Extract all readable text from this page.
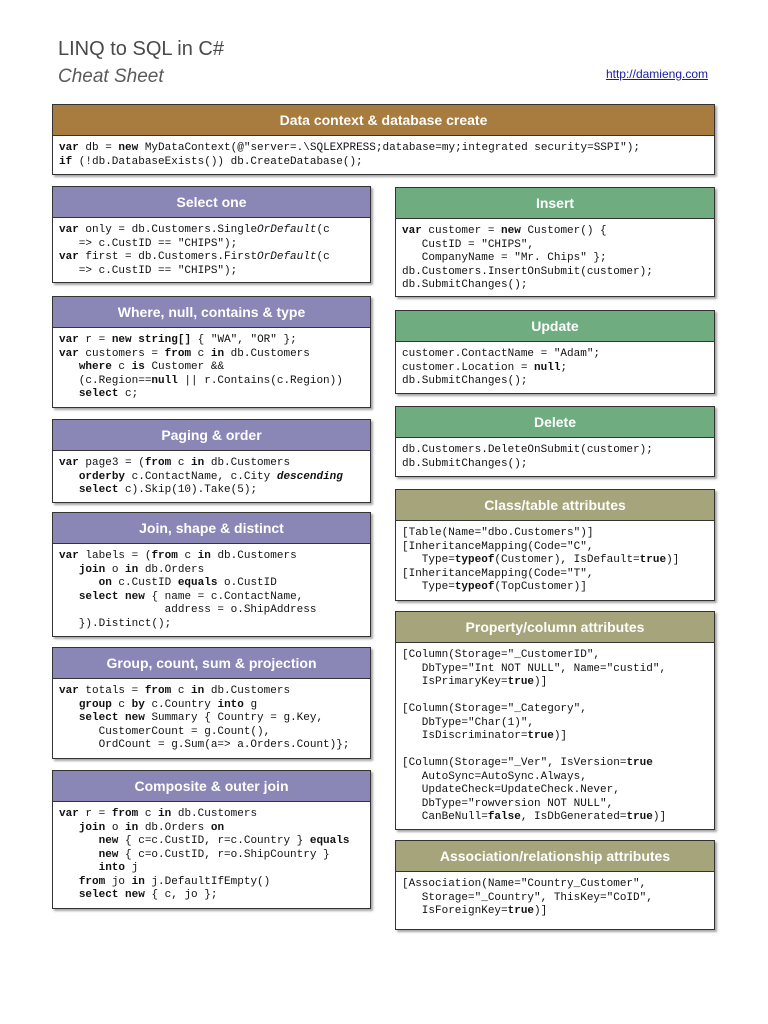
LINQ to SQL in C#
Cheat Sheet	http://damieng.com
Data context & database create
var db = new MyDataContext(@"server=.\SQLEXPRESS;database=my;integrated security=SSPI");
if (!db.DatabaseExists()) db.CreateDatabase();
Select one
var only = db.Customers.SingleOrDefault(c
=> c.CustID == "CHIPS");
var first = db.Customers.FirstOrDefault(c
=> c.CustID == "CHIPS");
Where, null, contains & type
var r = new string[] { "WA", "OR" };
var customers = from c in db.Customers
where c is Customer &&
(c.Region==null || r.Contains(c.Region))
select c;
Paging & order
var page3 = (from c in db.Customers
orderby c.ContactName, c.City descending
select c).Skip(10).Take(5);
Join, shape & distinct
var labels = (from c in db.Customers
join o in db.Orders
on c.CustID equals o.CustID
select new { name = c.ContactName,
address = o.ShipAddress
}).Distinct();
Group, count, sum & projection
var totals = from c in db.Customers
group c by c.Country into g
select new Summary { Country = g.Key,
CustomerCount = g.Count(),
OrdCount = g.Sum(a=> a.Orders.Count)};
Composite & outer join
var r = from c in db.Customers
join o in db.Orders on
new { c=c.CustID, r=c.Country } equals
new { c=o.CustID, r=o.ShipCountry }
into j
from jo in j.DefaultIfEmpty()
select new { c, jo };
Insert
var customer = new Customer() {
CustID = "CHIPS",
CompanyName = "Mr. Chips" };
db.Customers.InsertOnSubmit(customer);
db.SubmitChanges();
Update
customer.ContactName = "Adam";
customer.Location = null;
db.SubmitChanges();
Delete
db.Customers.DeleteOnSubmit(customer);
db.SubmitChanges();
Class/table attributes
[Table(Name="dbo.Customers")]
[InheritanceMapping(Code="C",
Type=typeof(Customer), IsDefault=true)]
[InheritanceMapping(Code="T",
Type=typeof(TopCustomer)]
Property/column attributes
[Column(Storage="_CustomerID",
DbType="Int NOT NULL", Name="custid",
IsPrimaryKey=true)]

[Column(Storage="_Category",
DbType="Char(1)",
IsDiscriminator=true)]

[Column(Storage="_Ver", IsVersion=true
AutoSync=AutoSync.Always,
UpdateCheck=UpdateCheck.Never,
DbType="rowversion NOT NULL",
CanBeNull=false, IsDbGenerated=true)]
Association/relationship attributes
[Association(Name="Country_Customer",
Storage="_Country", ThisKey="CoID",
IsForeignKey=true)]
